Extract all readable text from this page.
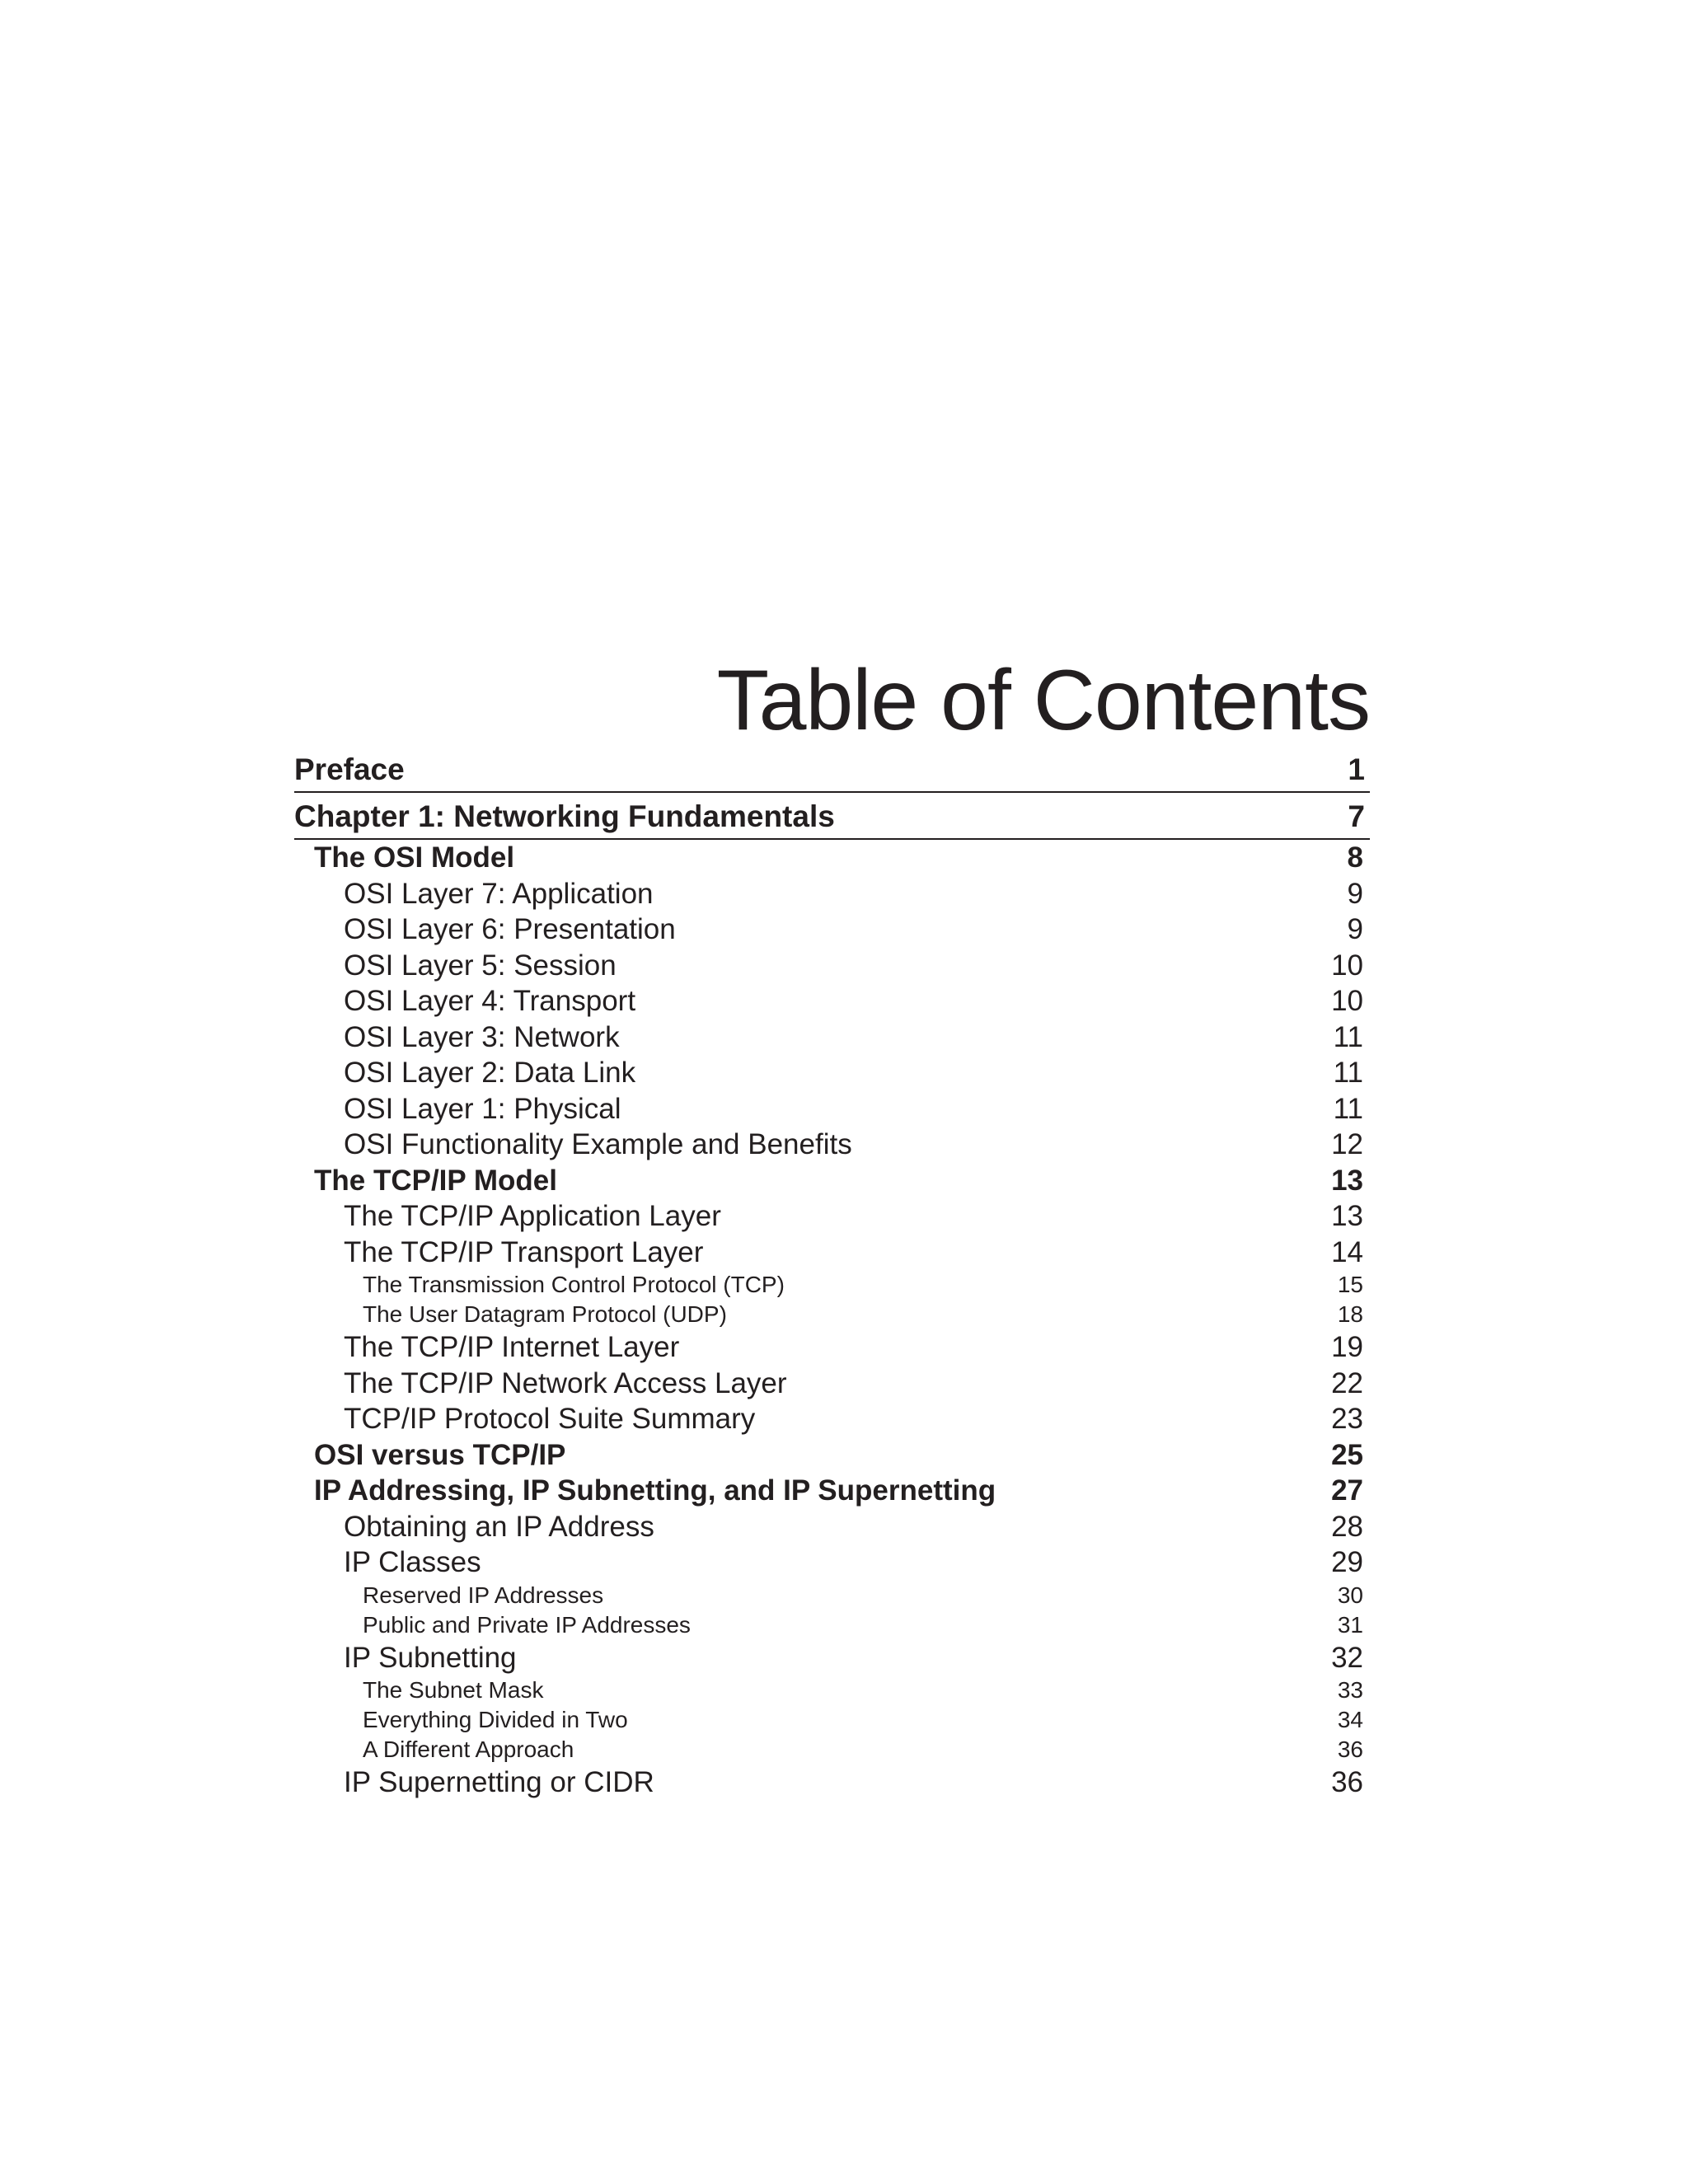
Table of Contents
Preface	1
Chapter 1: Networking Fundamentals	7
The OSI Model	8
OSI Layer 7: Application	9
OSI Layer 6: Presentation	9
OSI Layer 5: Session	10
OSI Layer 4: Transport	10
OSI Layer 3: Network	11
OSI Layer 2: Data Link	11
OSI Layer 1: Physical	11
OSI Functionality Example and Benefits	12
The TCP/IP Model	13
The TCP/IP Application Layer	13
The TCP/IP Transport Layer	14
The Transmission Control Protocol (TCP)	15
The User Datagram Protocol (UDP)	18
The TCP/IP Internet Layer	19
The TCP/IP Network Access Layer	22
TCP/IP Protocol Suite Summary	23
OSI versus TCP/IP	25
IP Addressing, IP Subnetting, and IP Supernetting	27
Obtaining an IP Address	28
IP Classes	29
Reserved IP Addresses	30
Public and Private IP Addresses	31
IP Subnetting	32
The Subnet Mask	33
Everything Divided in Two	34
A Different Approach	36
IP Supernetting or CIDR	36
